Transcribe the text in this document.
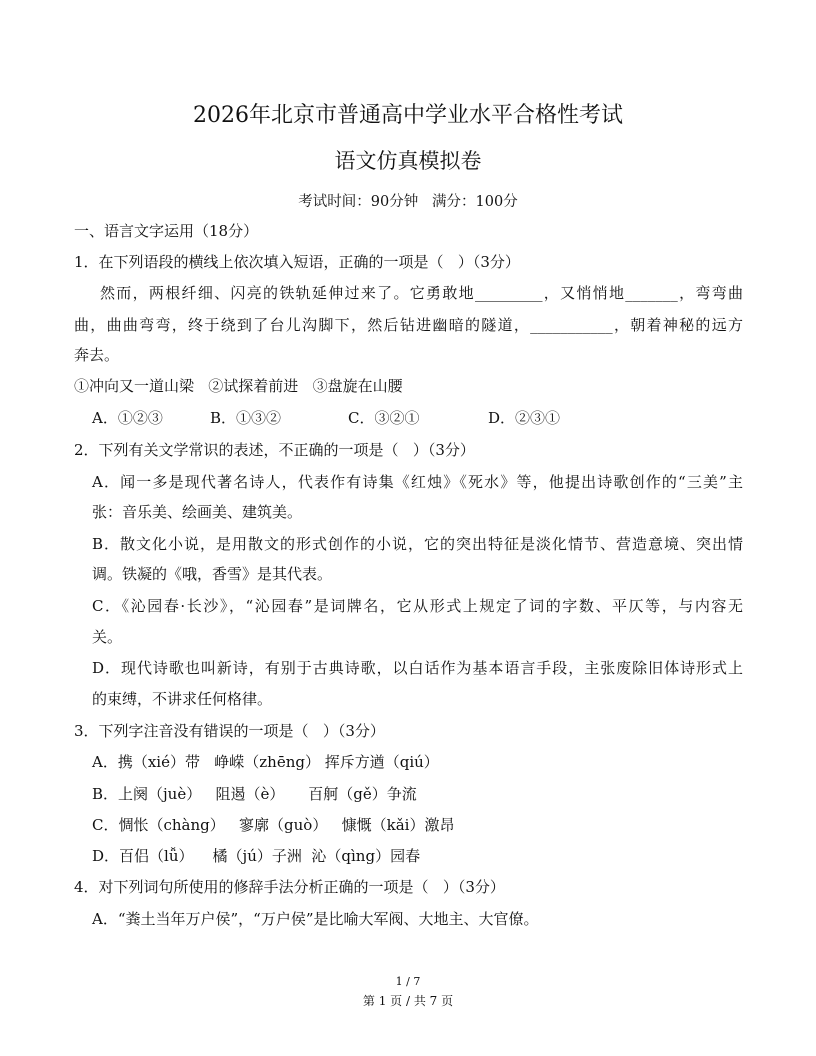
2026年北京市普通高中学业水平合格性考试
语文仿真模拟卷
考试时间：90分钟   满分：100分
一、语言文字运用（18分）
1．在下列语段的横线上依次填入短语，正确的一项是（   ）（3分）
然而，两根纤细、闪亮的铁轨延伸过来了。它勇敢地_________，又悄悄地_______，弯弯曲
曲，曲曲弯弯，终于绕到了台儿沟脚下，然后钻进幽暗的隧道，___________，朝着神秘的远方
奔去。
①冲向又一道山梁   ②试探着前进   ③盘旋在山腰
A．①②③	B．①③②	C．③②①	D．②③①
2．下列有关文学常识的表述，不正确的一项是（   ）（3分）
A．闻一多是现代著名诗人，代表作有诗集《红烛》《死水》等，他提出诗歌创作的“三美”主
张：音乐美、绘画美、建筑美。
B．散文化小说，是用散文的形式创作的小说，它的突出特征是淡化情节、营造意境、突出情
调。铁凝的《哦，香雪》是其代表。
C．《沁园春·长沙》，“沁园春”是词牌名，它从形式上规定了词的字数、平仄等，与内容无
关。
D．现代诗歌也叫新诗，有别于古典诗歌，以白话作为基本语言手段，主张废除旧体诗形式上
的束缚，不讲求任何格律。
3．下列字注音没有错误的一项是（   ）（3分）
A．携（xié）带   峥嵘（zhēng） 挥斥方遒（qiú）
B．上阕（juè）   阻遏（è）     百舸（gě）争流
C．惆怅（chàng）   寥廓（guò）   慷慨（kǎi）激昂
D．百侣（lǚ）    橘（jú）子洲  沁（qìng）园春
4．对下列词句所使用的修辞手法分析正确的一项是（   ）（3分）
A．“粪土当年万户侯”，“万户侯”是比喻大军阀、大地主、大官僚。
1 / 7
第 1 页 / 共 7 页
